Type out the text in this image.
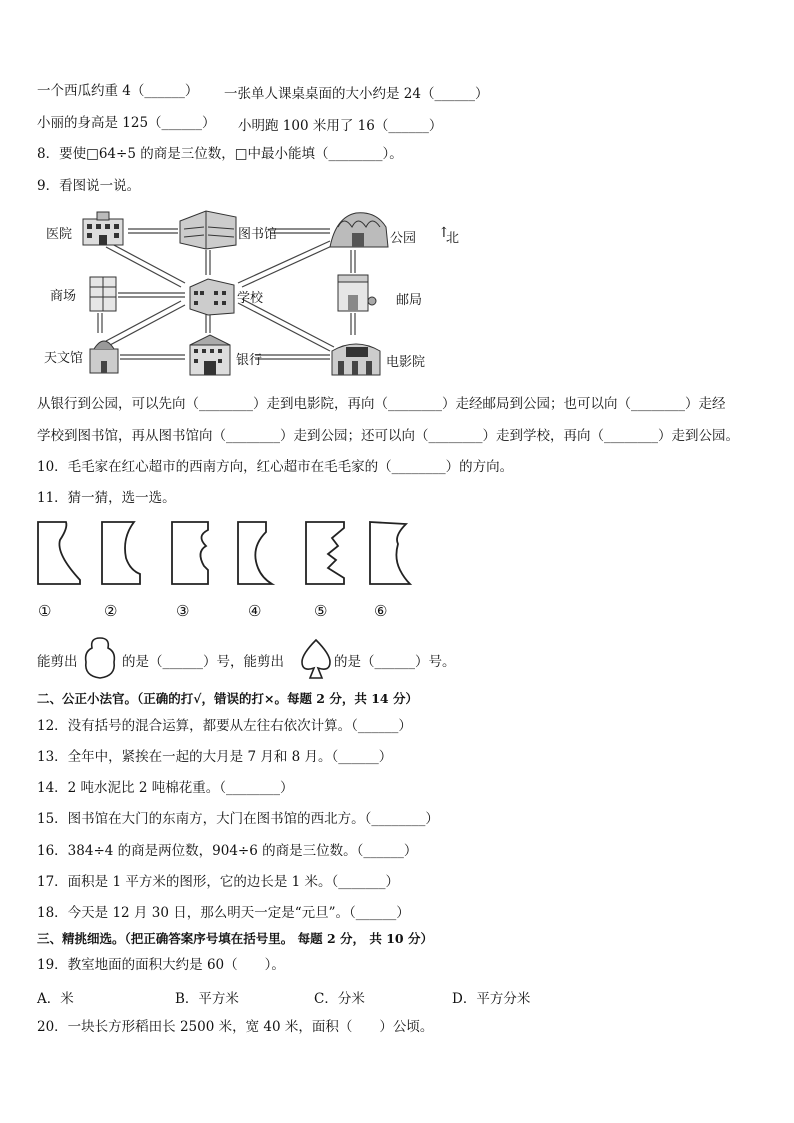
一个西瓜约重 4（______） 一张单人课桌桌面的大小约是 24（______）
小丽的身高是 125（______） 小明跑 100 米用了 16（______）
8．要使□64÷5 的商是三位数，□中最小能填（________）。
9．看图说一说。
医院	图书馆	公园 ↑
北
商场	学校	邮局
天文馆	银行	电影院
从银行到公园，可以先向（________）走到电影院，再向（________）走经邮局到公园；也可以向（________）走经
学校到图书馆，再从图书馆向（________）走到公园；还可以向（________）走到学校，再向（________）走到公园。
10．毛毛家在红心超市的西南方向，红心超市在毛毛家的（________）的方向。
11．猜一猜，选一选。
①	②	③	④	⑤	⑥
能剪出	的是（______）号，能剪出	的是（______）号。
二、公正小法官。（正确的打√，错误的打×。每题 2 分，共 14 分）
12．没有括号的混合运算，都要从左往右依次计算。（______）
13．全年中，紧挨在一起的大月是 7 月和 8 月。（______）
14．2 吨水泥比 2 吨棉花重。（________）
15．图书馆在大门的东南方，大门在图书馆的西北方。（________）
16．384÷4 的商是两位数，904÷6 的商是三位数。（______）
17．面积是 1 平方米的图形，它的边长是 1 米。（_______）
18．今天是 12 月 30 日，那么明天一定是“元旦”。（______）
三、精挑细选。（把正确答案序号填在括号里。 每题 2 分， 共 10 分）
19．教室地面的面积大约是 60（　　）。
A．米	B．平方米	C．分米	D．平方分米
20．一块长方形稻田长 2500 米，宽 40 米，面积（　　）公顷。
